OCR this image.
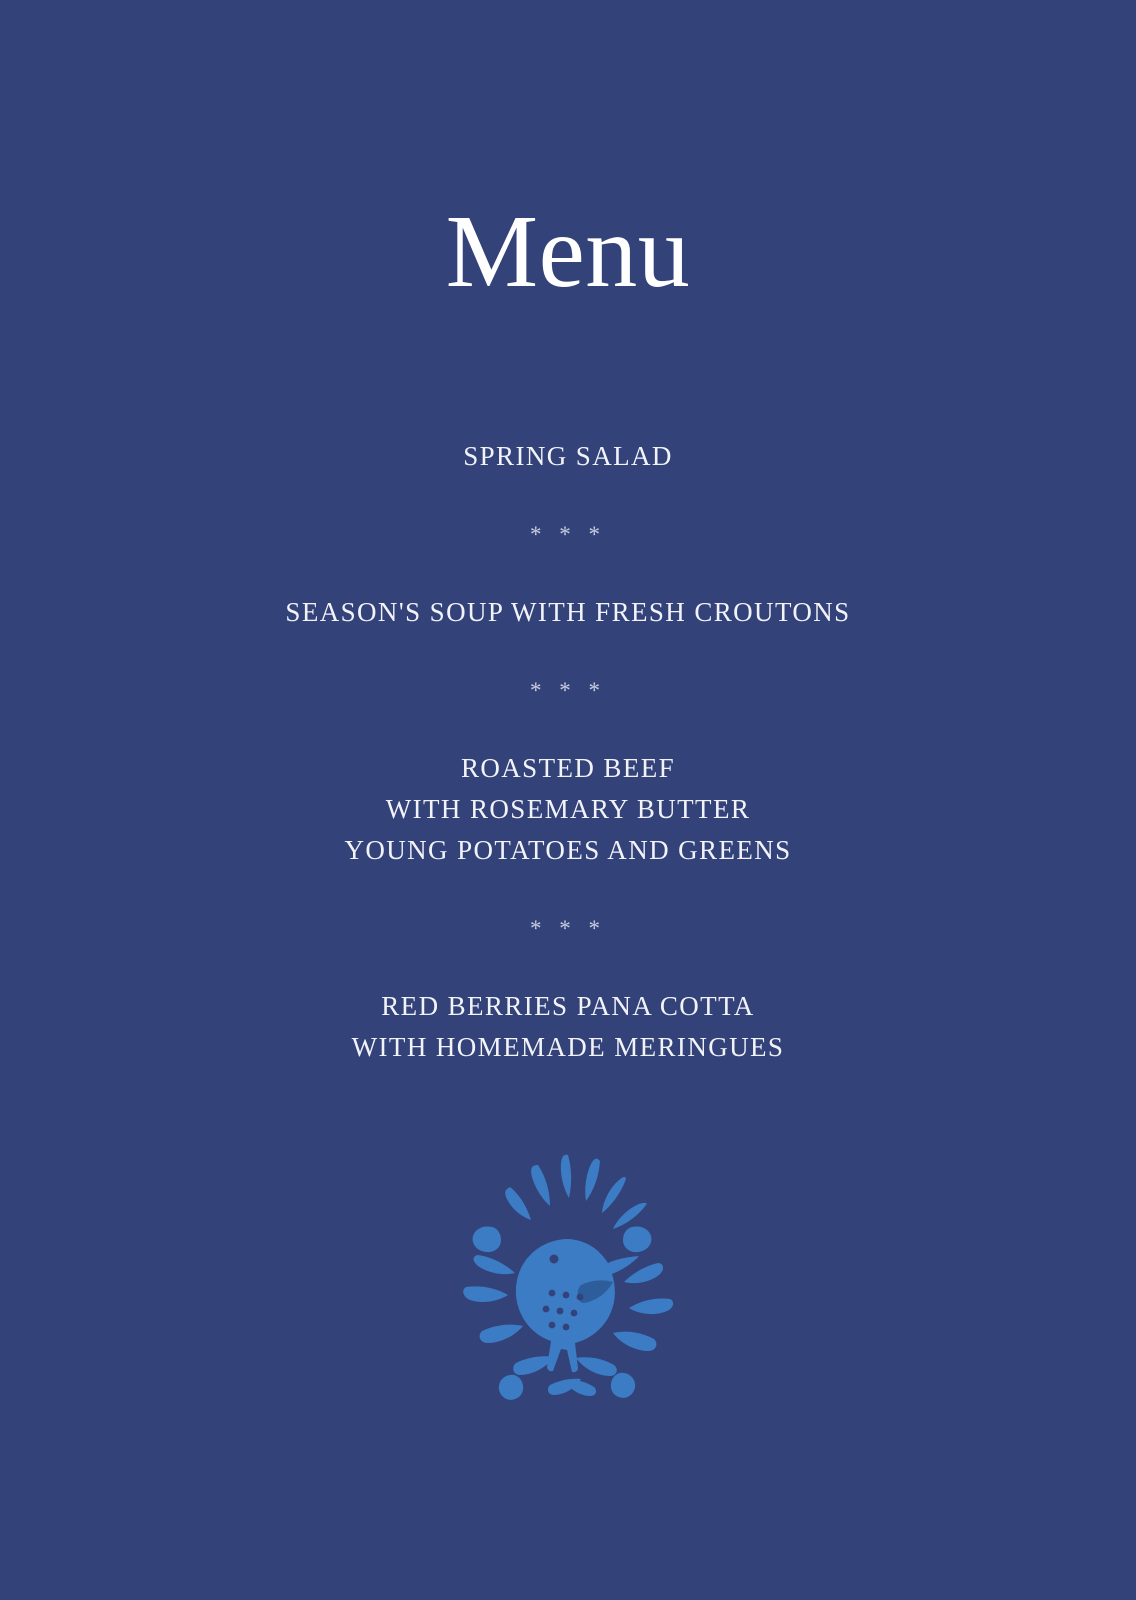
Menu
SPRING SALAD
* * *
SEASON'S SOUP WITH FRESH CROUTONS
* * *
ROASTED BEEF
WITH ROSEMARY BUTTER
YOUNG POTATOES AND GREENS
* * *
RED BERRIES PANA COTTA
WITH HOMEMADE MERINGUES
